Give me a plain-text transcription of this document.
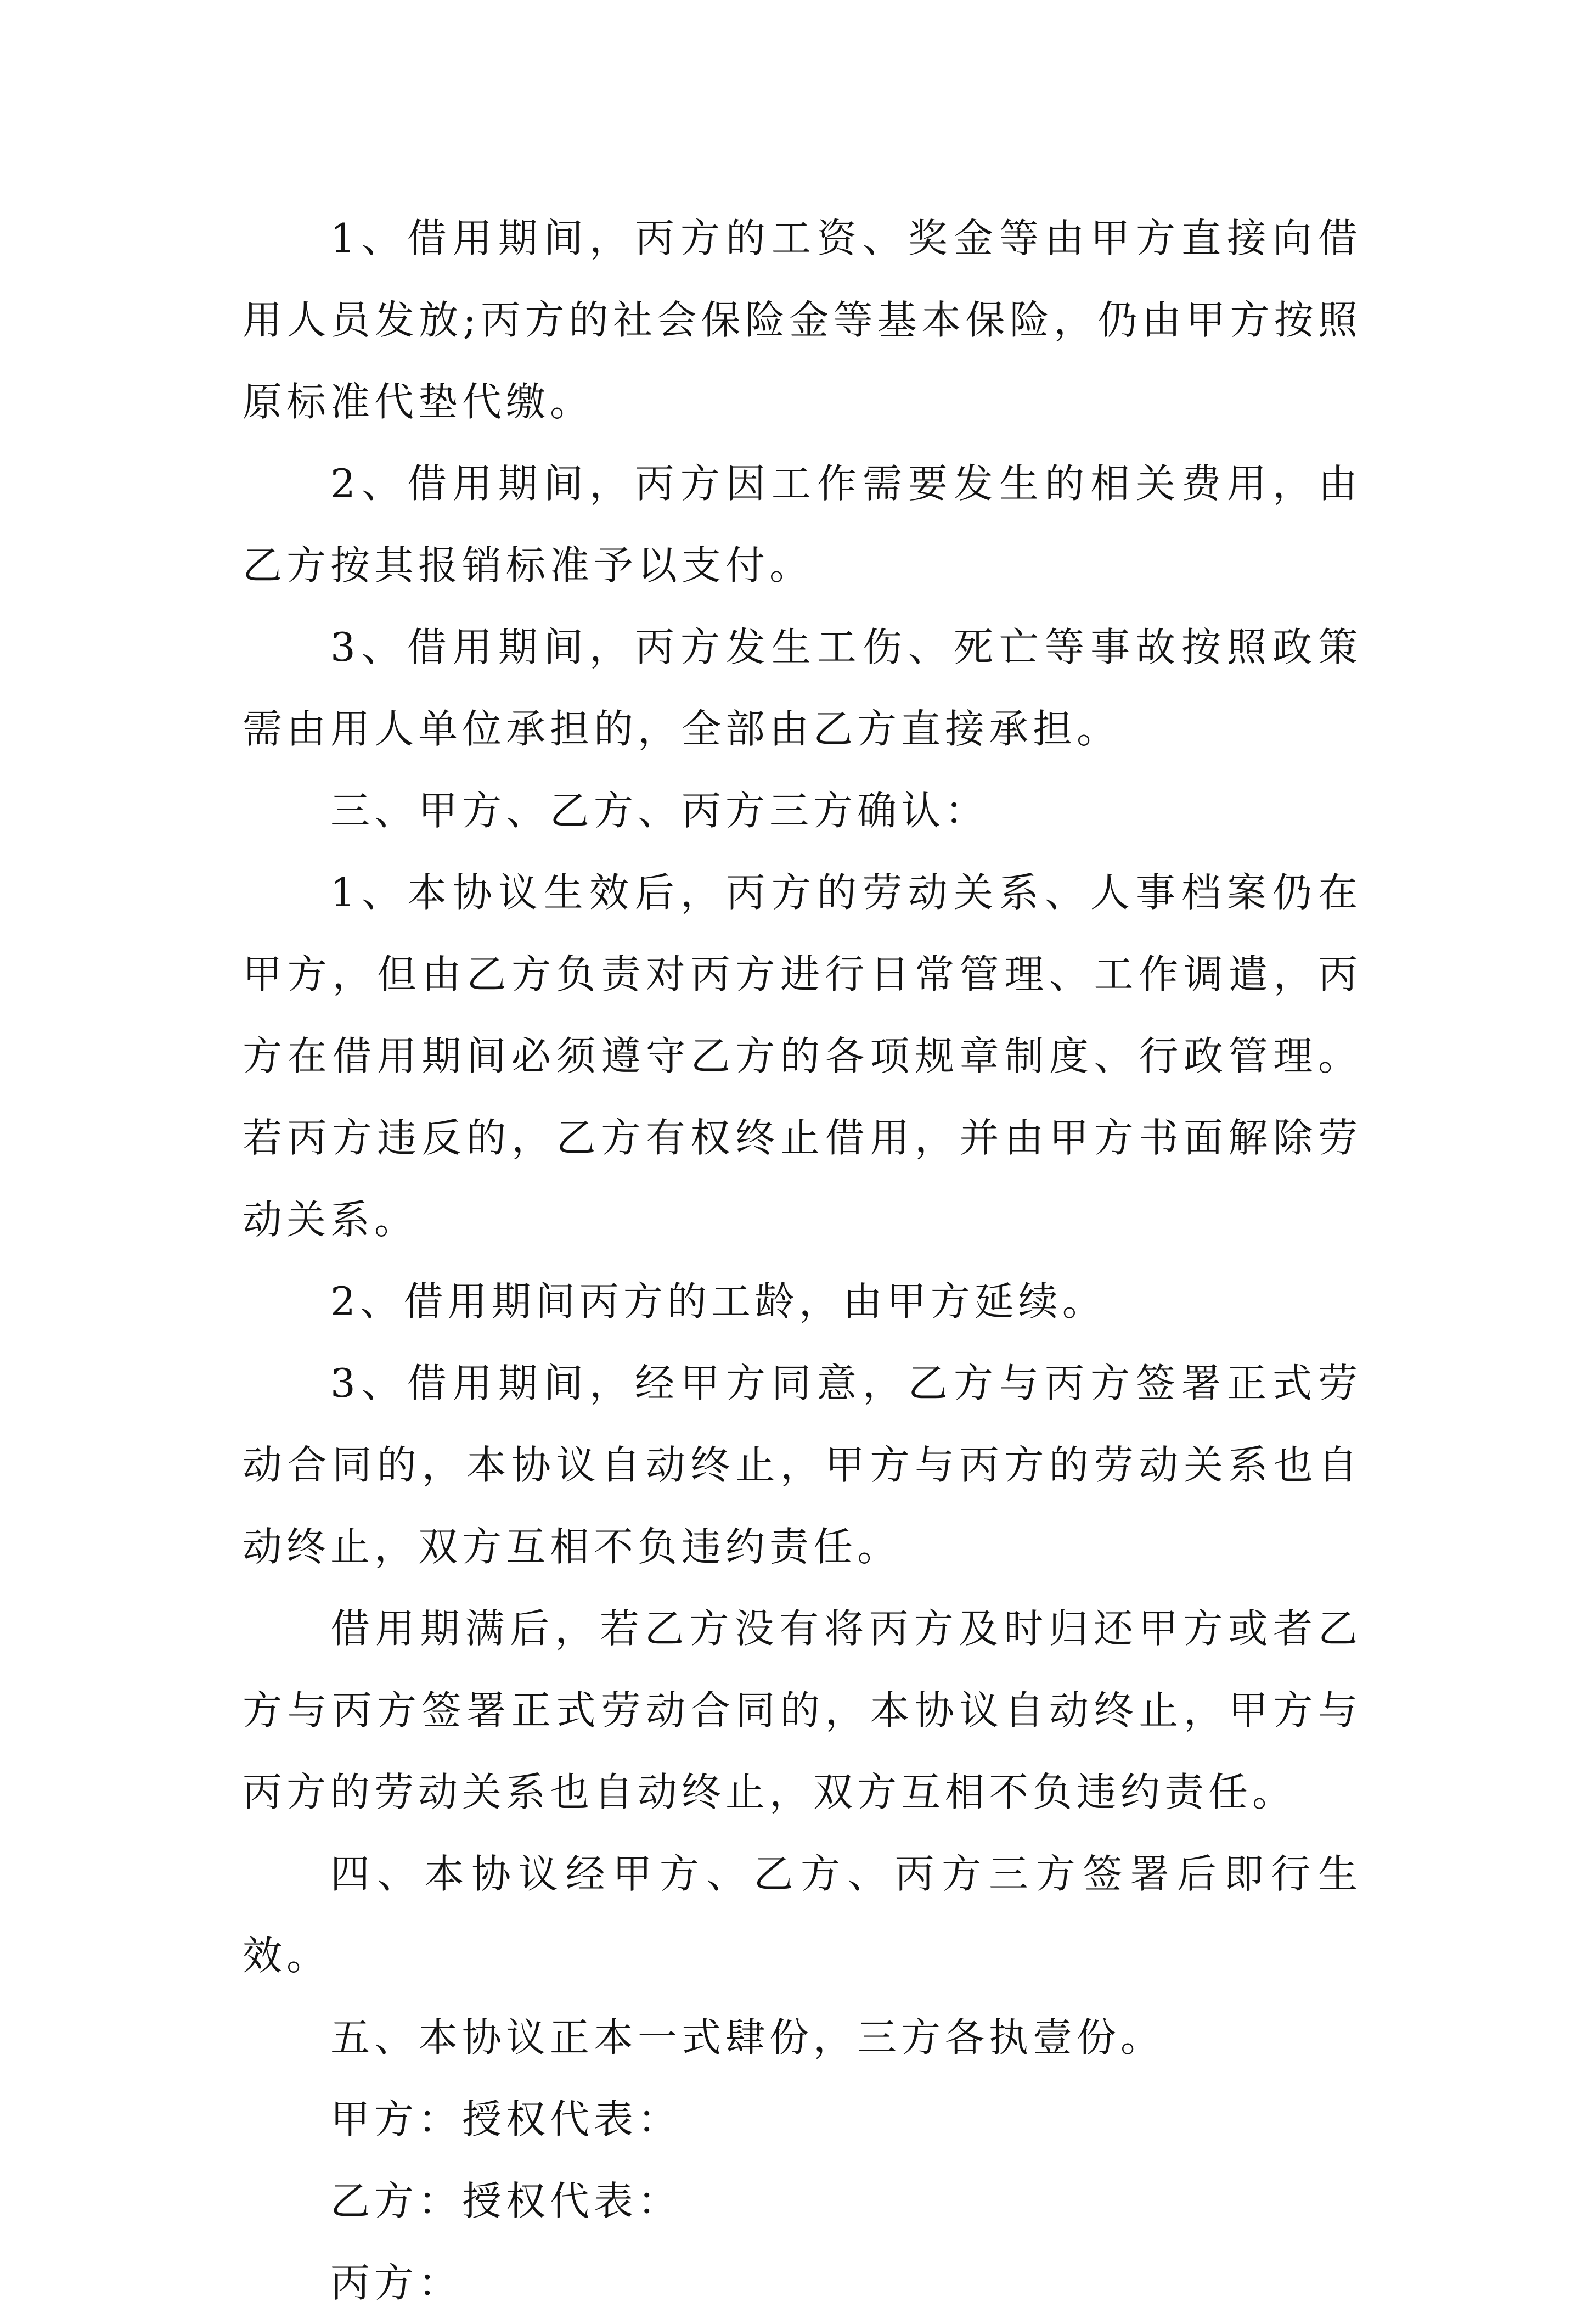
1、借用期间，丙方的工资、奖金等由甲方直接向借用人员发放;丙方的社会保险金等基本保险，仍由甲方按照原标准代垫代缴。

2、借用期间，丙方因工作需要发生的相关费用，由乙方按其报销标准予以支付。

3、借用期间，丙方发生工伤、死亡等事故按照政策需由用人单位承担的，全部由乙方直接承担。

三、甲方、乙方、丙方三方确认：

1、本协议生效后，丙方的劳动关系、人事档案仍在甲方，但由乙方负责对丙方进行日常管理、工作调遣，丙方在借用期间必须遵守乙方的各项规章制度、行政管理。若丙方违反的，乙方有权终止借用，并由甲方书面解除劳动关系。

2、借用期间丙方的工龄，由甲方延续。

3、借用期间，经甲方同意，乙方与丙方签署正式劳动合同的，本协议自动终止，甲方与丙方的劳动关系也自动终止，双方互相不负违约责任。

借用期满后，若乙方没有将丙方及时归还甲方或者乙方与丙方签署正式劳动合同的，本协议自动终止，甲方与丙方的劳动关系也自动终止，双方互相不负违约责任。

四、本协议经甲方、乙方、丙方三方签署后即行生效。

五、本协议正本一式肆份，三方各执壹份。

甲方：授权代表：

乙方：授权代表：

丙方：
